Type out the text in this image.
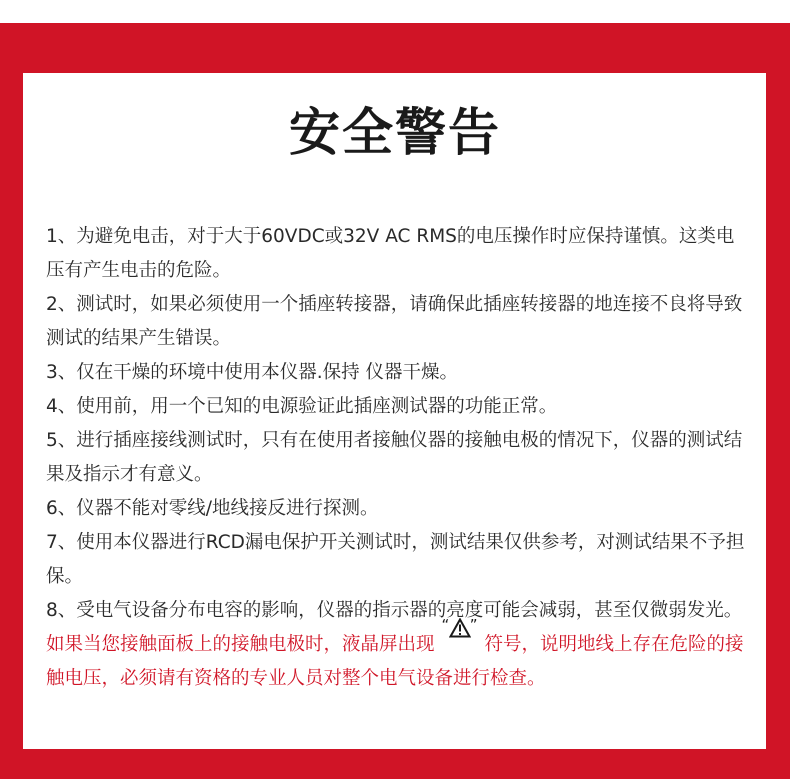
安全警告

1、为避免电击，对于大于60VDC或32V AC RMS的电压操作时应保持谨慎。这类电压有产生电击的危险。

2、测试时，如果必须使用一个插座转接器，请确保此插座转接器的地连接不良将导致测试的结果产生错误。

3、仅在干燥的环境中使用本仪器.保持 仪器干燥。

4、使用前，用一个已知的电源验证此插座测试器的功能正常。

5、进行插座接线测试时，只有在使用者接触仪器的接触电极的情况下，仪器的测试结果及指示才有意义。

6、仪器不能对零线/地线接反进行探测。

7、使用本仪器进行RCD漏电保护开关测试时，测试结果仅供参考，对测试结果不予担保。

8、受电气设备分布电容的影响，仪器的指示器的亮度可能会减弱，甚至仅微弱发光。

如果当您接触面板上的接触电极时，液晶屏出现
“ ”
符号，说明地线上存在危险的接触电压，必须请有资格的专业人员对整个电气设备进行检查。
